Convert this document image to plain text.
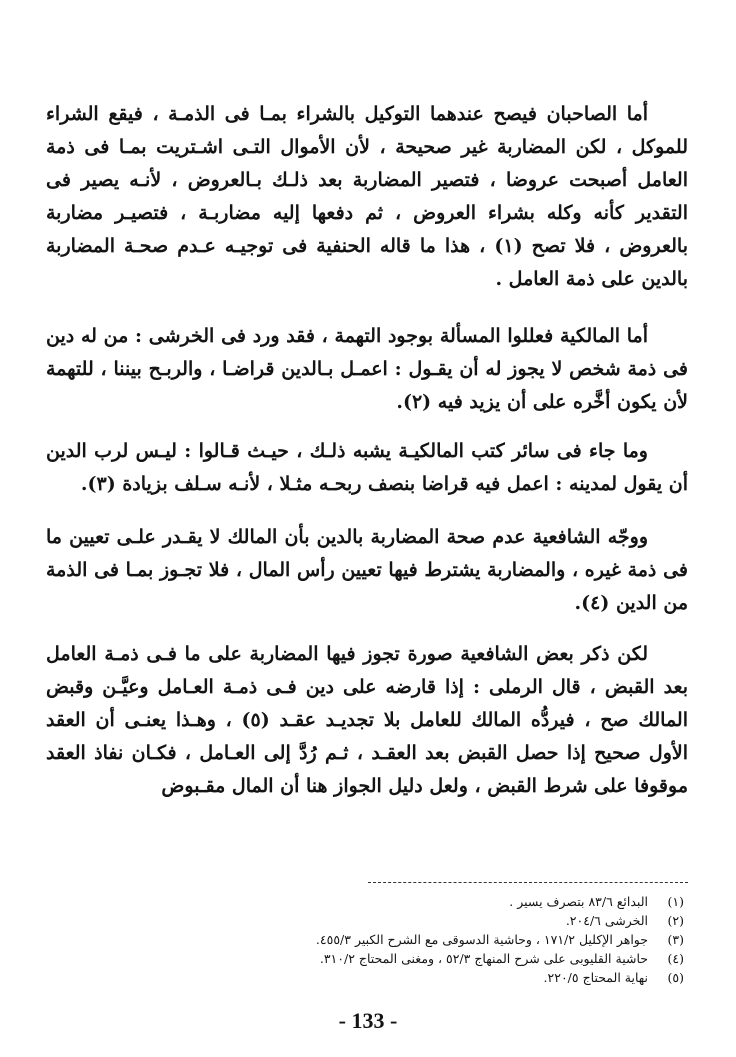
أما الصاحبان فيصح عندهما التوكيل بالشراء بمـا فى الذمـة ، فيقع الشراء للموكل ، لكن المضاربة غير صحيحة ، لأن الأموال التـى اشـتريت بمـا فى ذمة العامل أصبحت عروضا ، فتصير المضاربة بعد ذلـك بـالعروض ، لأنـه يصير فى التقدير كأنه وكله بشراء العروض ، ثم دفعها إليه مضاربـة ، فتصيـر مضاربة بالعروض ، فلا تصح (١) ، هذا ما قاله الحنفية فى توجيـه عـدم صحـة المضاربة بالدين على ذمة العامل .

أما المالكية فعللوا المسألة بوجود التهمة ، فقد ورد فى الخرشى : من له دين فى ذمة شخص لا يجوز له أن يقـول : اعمـل بـالدين قراضـا ، والربـح بيننا ، للتهمة لأن يكون أخَّره على أن يزيد فيه (٢).

وما جاء فى سائر كتب المالكيـة يشبه ذلـك ، حيـث قـالوا : ليـس لرب الدين أن يقول لمدينه : اعمل فيه قراضا بنصف ربحـه مثـلا ، لأنـه سـلف بزيادة (٣).

ووجّه الشافعية عدم صحة المضاربة بالدين بأن المالك لا يقـدر علـى تعيين ما فى ذمة غيره ، والمضاربة يشترط فيها تعيين رأس المال ، فلا تجـوز بمـا فى الذمة من الدين (٤).

لكن ذكر بعض الشافعية صورة تجوز فيها المضاربة على ما فـى ذمـة العامل بعد القبض ، قال الرملى : إذا قارضه على دين فـى ذمـة العـامل وعيَّـن وقبض المالك صح ، فيردُّه المالك للعامل بلا تجديـد عقـد (٥) ، وهـذا يعنـى أن العقد الأول صحيح إذا حصل القبض بعد العقـد ، ثـم رُدَّ إلى العـامل ، فكـان نفاذ العقد موقوفا على شرط القبض ، ولعل دليل الجواز هنا أن المال مقـبوض

(١)البدائع ٨٣/٦ بتصرف يسير .
(٢)الخرشى ٢٠٤/٦.
(٣)جواهر الإكليل ١٧١/٢ ، وحاشية الدسوقى مع الشرح الكبير ٤٥٥/٣.
(٤)حاشية القليوبى على شرح المنهاج ٥٢/٣ ، ومغنى المحتاج ٣١٠/٢.
(٥)نهاية المحتاج ٢٢٠/٥.
- 133 -
